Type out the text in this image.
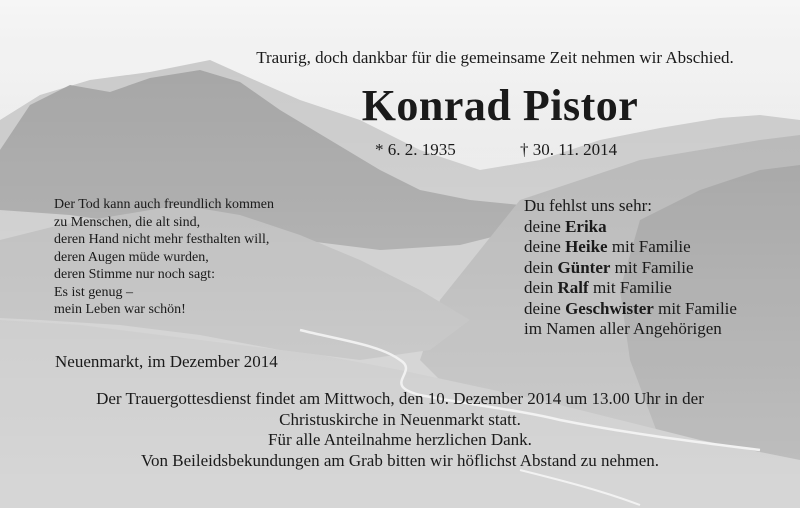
Traurig, doch dankbar für die gemeinsame Zeit nehmen wir Abschied.
Konrad Pistor
* 6. 2. 1935	† 30. 11. 2014
Der Tod kann auch freundlich kommen
zu Menschen, die alt sind,
deren Hand nicht mehr festhalten will,
deren Augen müde wurden,
deren Stimme nur noch sagt:
Es ist genug –
mein Leben war schön!
Du fehlst uns sehr:
deine Erika
deine Heike mit Familie
dein Günter mit Familie
dein Ralf mit Familie
deine Geschwister mit Familie
im Namen aller Angehörigen
Neuenmarkt, im Dezember 2014
Der Trauergottesdienst findet am Mittwoch, den 10. Dezember 2014 um 13.00 Uhr in der
Christuskirche in Neuenmarkt statt.
Für alle Anteilnahme herzlichen Dank.
Von Beileidsbekundungen am Grab bitten wir höflichst Abstand zu nehmen.
